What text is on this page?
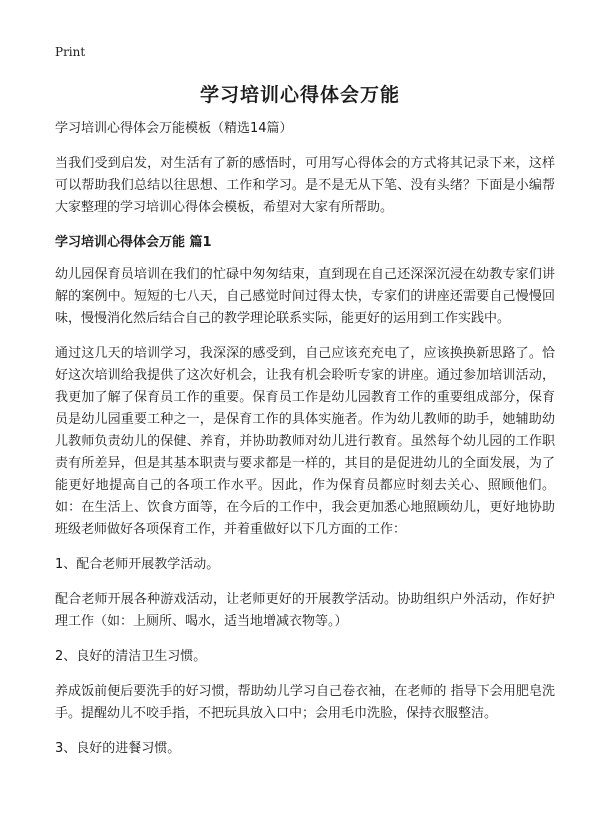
Print
学习培训心得体会万能

学习培训心得体会万能模板（精选14篇）

当我们受到启发，对生活有了新的感悟时，可用写心得体会的方式将其记录下来，这样可以帮助我们总结以往思想、工作和学习。是不是无从下笔、没有头绪？下面是小编帮大家整理的学习培训心得体会模板，希望对大家有所帮助。

学习培训心得体会万能 篇1

幼儿园保育员培训在我们的忙碌中匆匆结束，直到现在自己还深深沉浸在幼教专家们讲解的案例中。短短的七八天，自己感觉时间过得太快，专家们的讲座还需要自己慢慢回味，慢慢消化然后结合自己的教学理论联系实际，能更好的运用到工作实践中。

通过这几天的培训学习，我深深的感受到，自己应该充充电了，应该换换新思路了。恰好这次培训给我提供了这次好机会，让我有机会聆听专家的讲座。通过参加培训活动，我更加了解了保育员工作的重要。保育员工作是幼儿园教育工作的重要组成部分，保育员是幼儿园重要工种之一，是保育工作的具体实施者。作为幼儿教师的助手，她辅助幼儿教师负责幼儿的保健、养育，并协助教师对幼儿进行教育。虽然每个幼儿园的工作职责有所差异，但是其基本职责与要求都是一样的，其目的是促进幼儿的全面发展，为了能更好地提高自己的各项工作水平。因此，作为保育员都应时刻去关心、照顾他们。如：在生活上、饮食方面等，在今后的工作中，我会更加悉心地照顾幼儿，更好地协助班级老师做好各项保育工作，并着重做好以下几方面的工作：

1、配合老师开展教学活动。

配合老师开展各种游戏活动，让老师更好的开展教学活动。协助组织户外活动，作好护理工作（如：上厕所、喝水，适当地增减衣物等。）

2、良好的清洁卫生习惯。

养成饭前便后要洗手的好习惯，帮助幼儿学习自己卷衣袖，在老师的 指导下会用肥皂洗手。提醒幼儿不咬手指，不把玩具放入口中；会用毛巾洗脸，保持衣服整洁。

3、良好的进餐习惯。
